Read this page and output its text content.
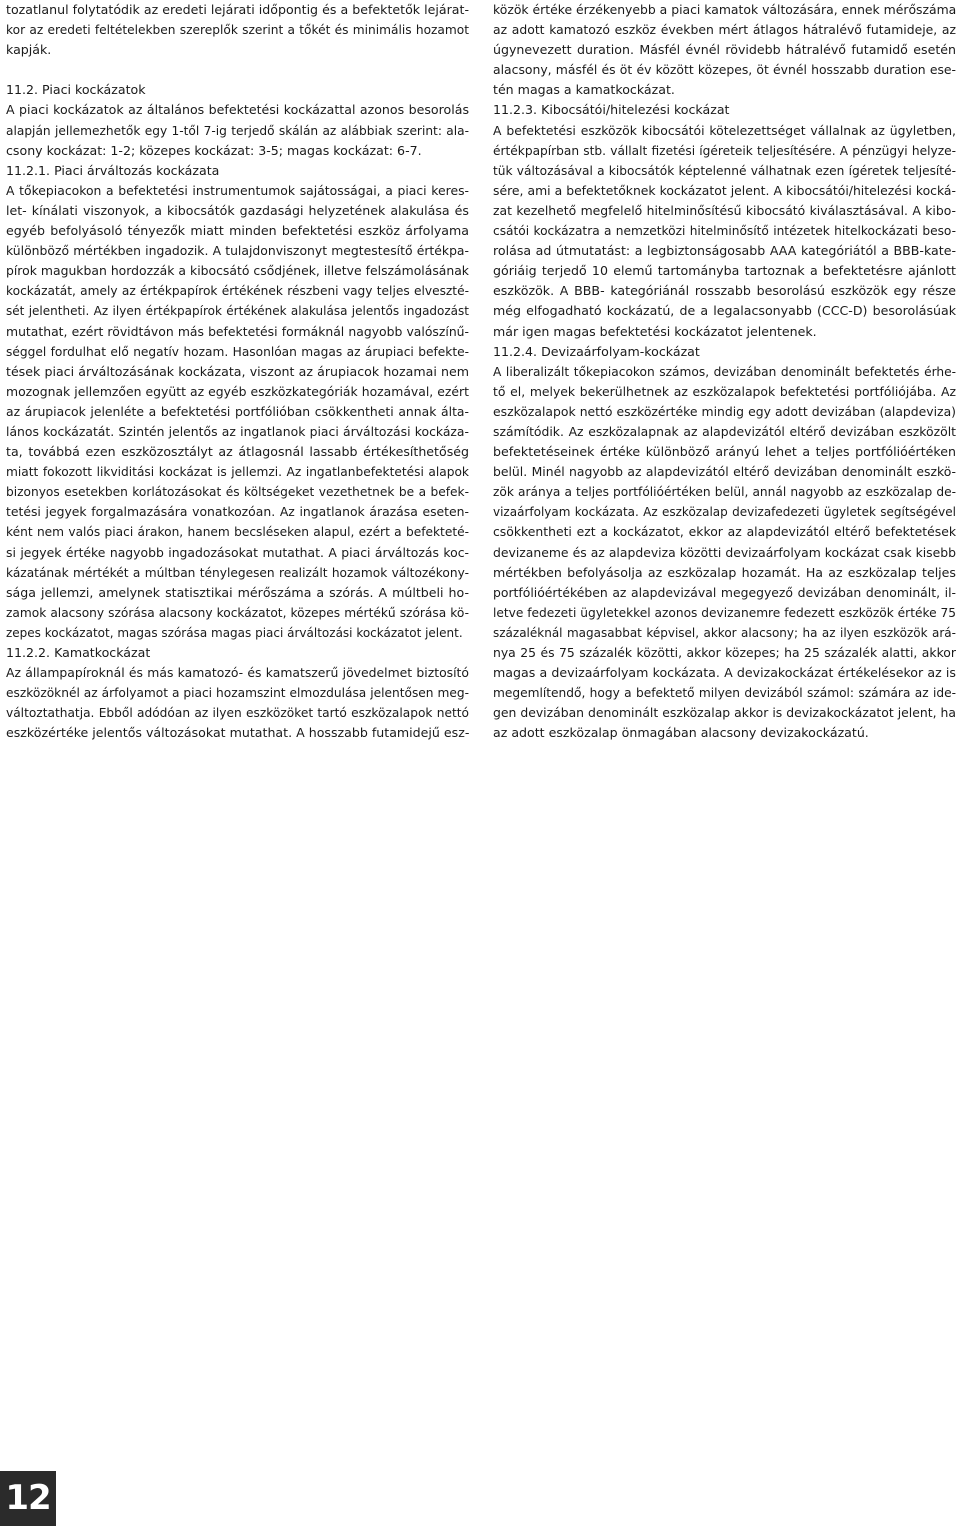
tozatlanul folytatódik az eredeti lejárati időpontig és a befektetők lejárat-
kor az eredeti feltételekben szereplők szerint a tőkét és minimális hozamot
kapják.
11.2. Piaci kockázatok
A piaci kockázatok az általános befektetési kockázattal azonos besorolás
alapján jellemezhetők egy 1-től 7-ig terjedő skálán az alábbiak szerint: ala-
csony kockázat: 1-2; közepes kockázat: 3-5; magas kockázat: 6-7.
11.2.1. Piaci árváltozás kockázata
A tőkepiacokon a befektetési instrumentumok sajátosságai, a piaci keres-
let- kínálati viszonyok, a kibocsátók gazdasági helyzetének alakulása és
egyéb befolyásoló tényezők miatt minden befektetési eszköz árfolyama
különböző mértékben ingadozik. A tulajdonviszonyt megtestesítő értékpa-
pírok magukban hordozzák a kibocsátó csődjének, illetve felszámolásának
kockázatát, amely az értékpapírok értékének részbeni vagy teljes elveszté-
sét jelentheti. Az ilyen értékpapírok értékének alakulása jelentős ingadozást
mutathat, ezért rövidtávon más befektetési formáknál nagyobb valószínű-
séggel fordulhat elő negatív hozam. Hasonlóan magas az árupiaci befekte-
tések piaci árváltozásának kockázata, viszont az árupiacok hozamai nem
mozognak jellemzően együtt az egyéb eszközkategóriák hozamával, ezért
az árupiacok jelenléte a befektetési portfólióban csökkentheti annak álta-
lános kockázatát. Szintén jelentős az ingatlanok piaci árváltozási kockáza-
ta, továbbá ezen eszközosztályt az átlagosnál lassabb értékesíthetőség
miatt fokozott likviditási kockázat is jellemzi. Az ingatlanbefektetési alapok
bizonyos esetekben korlátozásokat és költségeket vezethetnek be a befek-
tetési jegyek forgalmazására vonatkozóan. Az ingatlanok árazása eseten-
ként nem valós piaci árakon, hanem becsléseken alapul, ezért a befekteté-
si jegyek értéke nagyobb ingadozásokat mutathat. A piaci árváltozás koc-
kázatának mértékét a múltban ténylegesen realizált hozamok változékony-
sága jellemzi, amelynek statisztikai mérőszáma a szórás. A múltbeli ho-
zamok alacsony szórása alacsony kockázatot, közepes mértékű szórása kö-
zepes kockázatot, magas szórása magas piaci árváltozási kockázatot jelent.
11.2.2. Kamatkockázat
Az állampapíroknál és más kamatozó- és kamatszerű jövedelmet biztosító
eszközöknél az árfolyamot a piaci hozamszint elmozdulása jelentősen meg-
változtathatja. Ebből adódóan az ilyen eszközöket tartó eszközalapok nettó
eszközértéke jelentős változásokat mutathat. A hosszabb futamidejű esz-
közök értéke érzékenyebb a piaci kamatok változására, ennek mérőszáma
az adott kamatozó eszköz években mért átlagos hátralévő futamideje, az
úgynevezett duration. Másfél évnél rövidebb hátralévő futamidő esetén
alacsony, másfél és öt év között közepes, öt évnél hosszabb duration ese-
tén magas a kamatkockázat.
11.2.3. Kibocsátói/hitelezési kockázat
A befektetési eszközök kibocsátói kötelezettséget vállalnak az ügyletben,
értékpapírban stb. vállalt fizetési ígéreteik teljesítésére. A pénzügyi helyze-
tük változásával a kibocsátók képtelenné válhatnak ezen ígéretek teljesíté-
sére, ami a befektetőknek kockázatot jelent. A kibocsátói/hitelezési kocká-
zat kezelhető megfelelő hitelminősítésű kibocsátó kiválasztásával. A kibo-
csátói kockázatra a nemzetközi hitelminősítő intézetek hitelkockázati beso-
rolása ad útmutatást: a legbiztonságosabb AAA kategóriától a BBB-kate-
góriáig terjedő 10 elemű tartományba tartoznak a befektetésre ajánlott
eszközök. A BBB- kategóriánál rosszabb besorolású eszközök egy része
még elfogadható kockázatú, de a legalacsonyabb (CCC-D) besorolásúak
már igen magas befektetési kockázatot jelentenek.
11.2.4. Devizaárfolyam-kockázat
A liberalizált tőkepiacokon számos, devizában denominált befektetés érhe-
tő el, melyek bekerülhetnek az eszközalapok befektetési portfóliójába. Az
eszközalapok nettó eszközértéke mindig egy adott devizában (alapdeviza)
számítódik. Az eszközalapnak az alapdevizától eltérő devizában eszközölt
befektetéseinek értéke különböző arányú lehet a teljes portfólióértéken
belül. Minél nagyobb az alapdevizától eltérő devizában denominált eszkö-
zök aránya a teljes portfólióértéken belül, annál nagyobb az eszközalap de-
vizaárfolyam kockázata. Az eszközalap devizafedezeti ügyletek segítségével
csökkentheti ezt a kockázatot, ekkor az alapdevizától eltérő befektetések
devizaneme és az alapdeviza közötti devizaárfolyam kockázat csak kisebb
mértékben befolyásolja az eszközalap hozamát. Ha az eszközalap teljes
portfólióértékében az alapdevizával megegyező devizában denominált, il-
letve fedezeti ügyletekkel azonos devizanemre fedezett eszközök értéke 75
százaléknál magasabbat képvisel, akkor alacsony; ha az ilyen eszközök ará-
nya 25 és 75 százalék közötti, akkor közepes; ha 25 százalék alatti, akkor
magas a devizaárfolyam kockázata. A devizakockázat értékelésekor az is
megemlítendő, hogy a befektető milyen devizából számol: számára az ide-
gen devizában denominált eszközalap akkor is devizakockázatot jelent, ha
az adott eszközalap önmagában alacsony devizakockázatú.
12
